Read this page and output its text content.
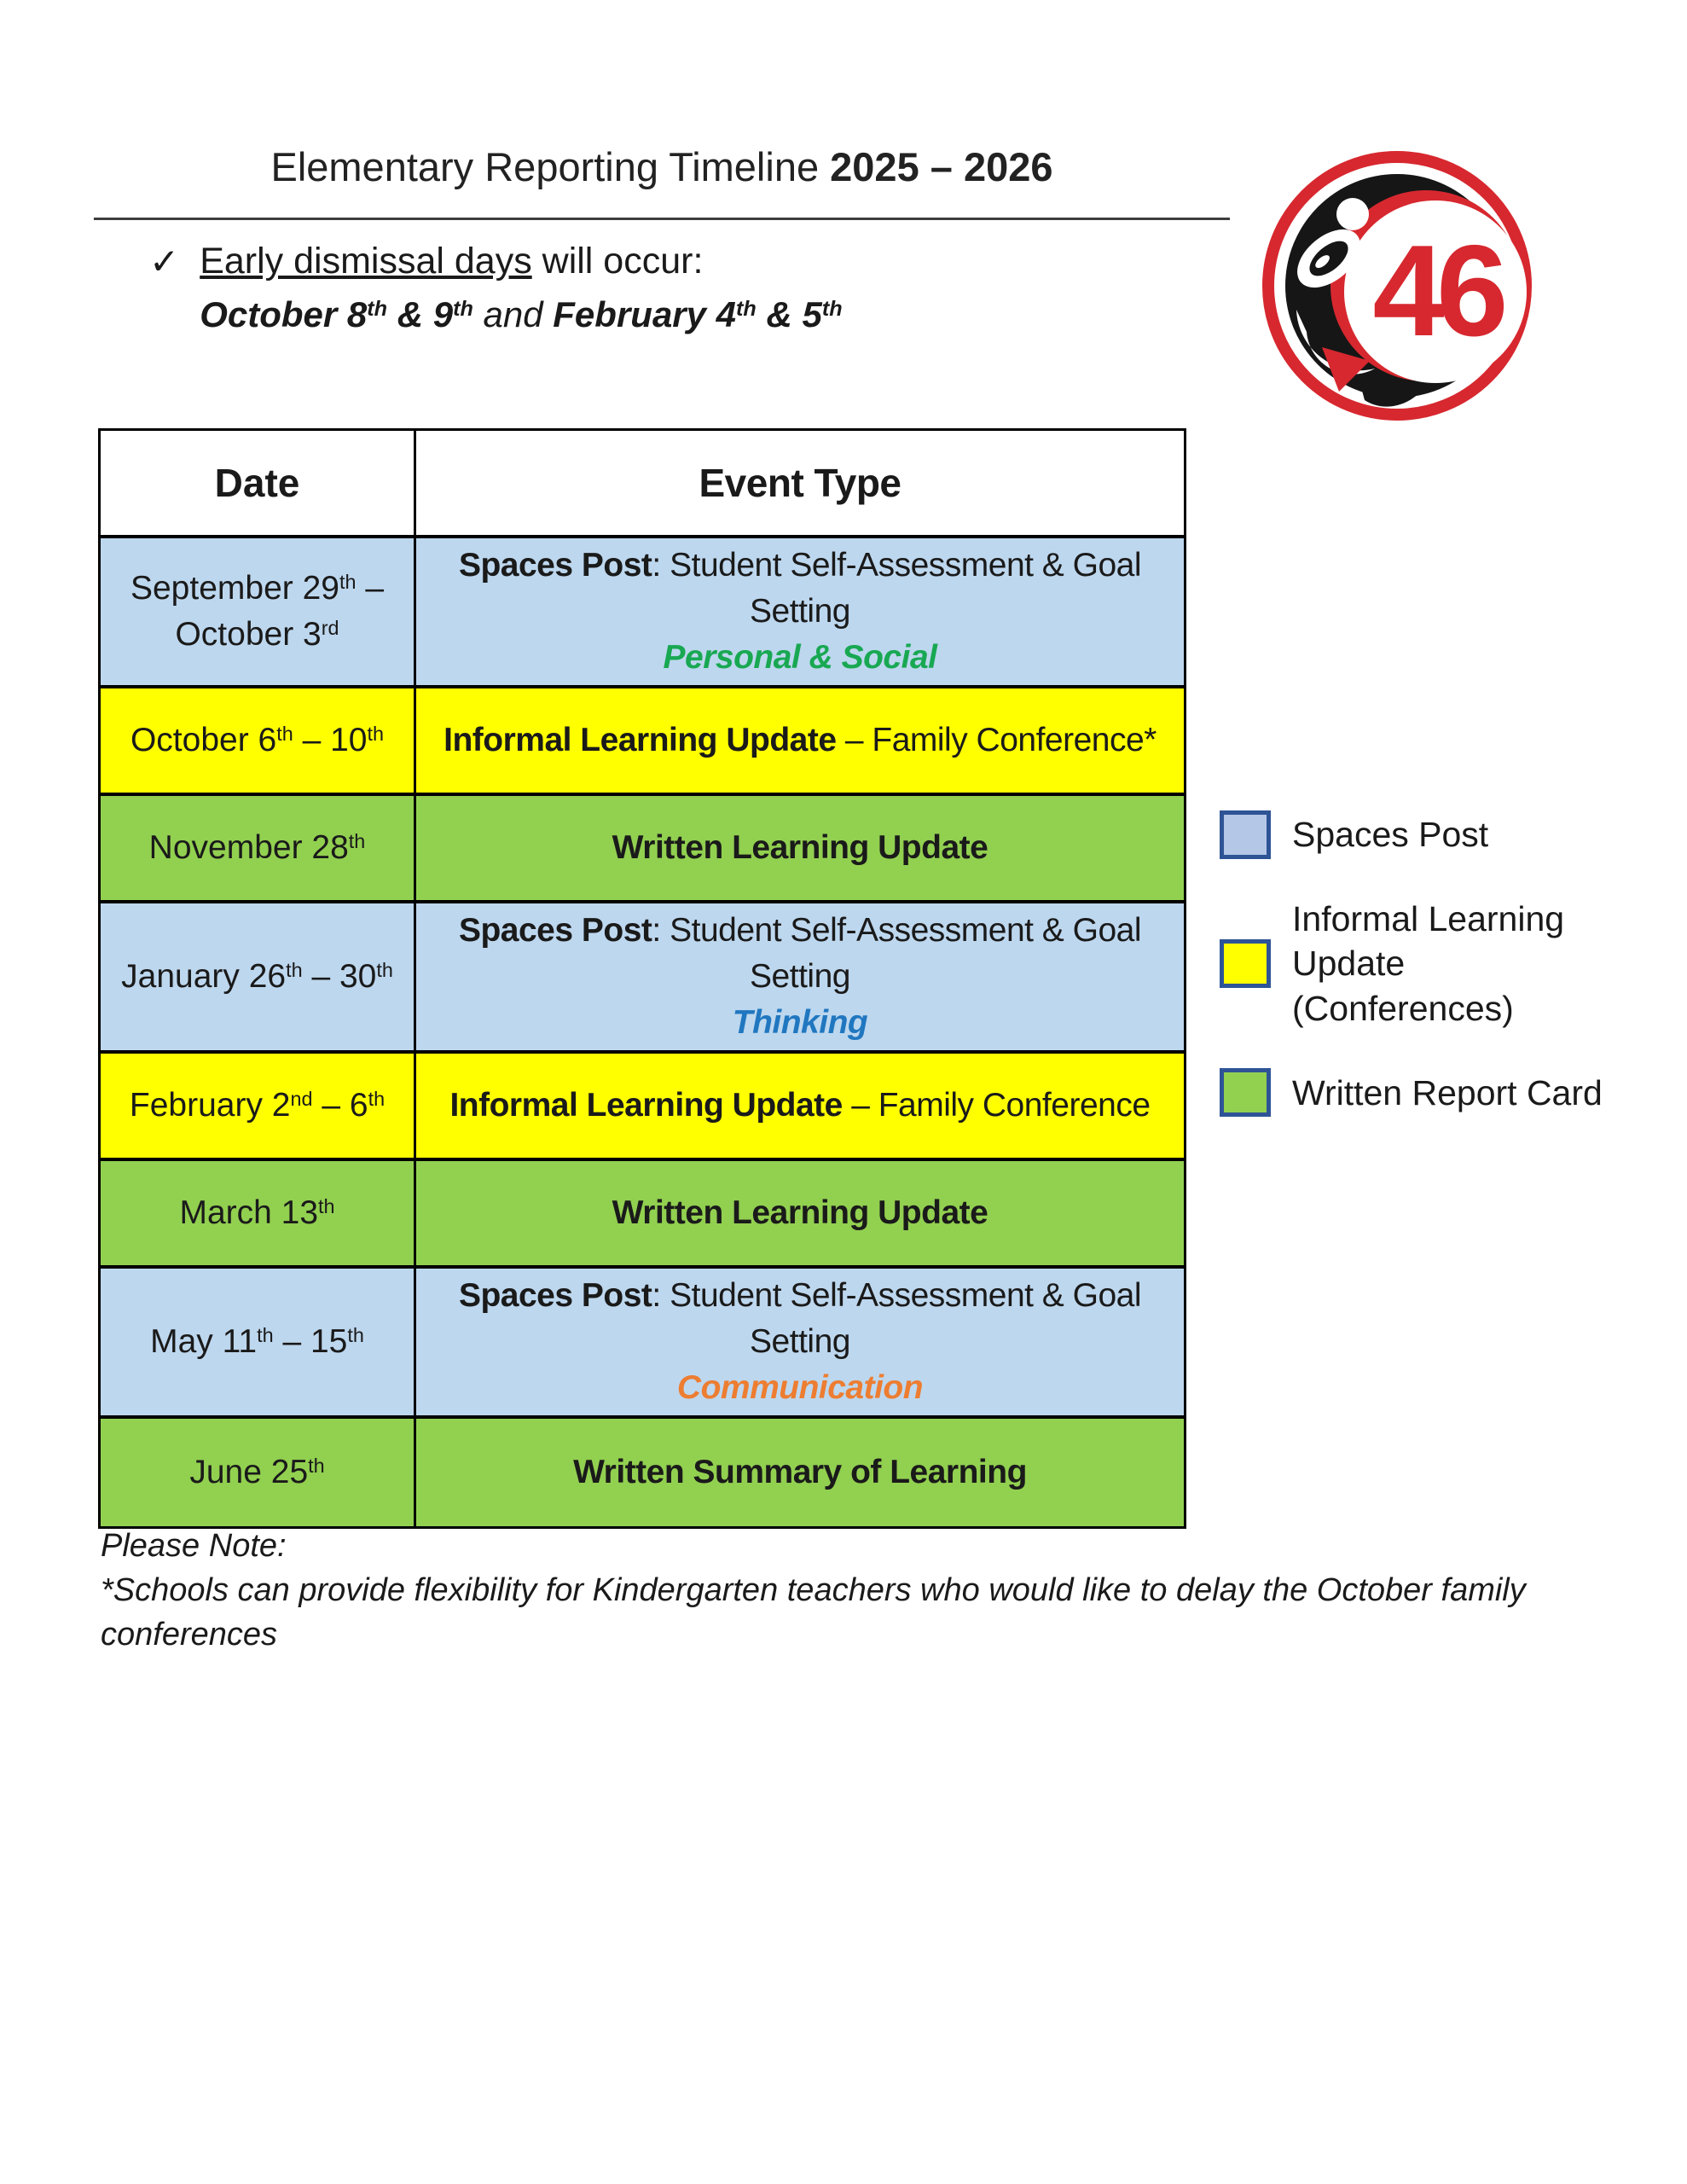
Elementary Reporting Timeline 2025 – 2026
✓ Early dismissal days will occur:
October 8th & 9th and February 4th & 5th	46
Date	Event Type
September 29th –
October 3rd
Spaces Post: Student Self-Assessment & Goal Setting
Personal & Social
October 6th – 10th Informal Learning Update – Family Conference*
November 28th	Written Learning Update
January 26th – 30th
Spaces Post: Student Self-Assessment & Goal Setting
Thinking
February 2nd – 6th Informal Learning Update – Family Conference
March 13th	Written Learning Update
May 11th – 15th
Spaces Post: Student Self-Assessment & Goal Setting
Communication
June 25th	Written Summary of Learning
Spaces Post
Informal Learning Update (Conferences)
Written Report Card
Please Note:
*Schools can provide flexibility for Kindergarten teachers who would like to delay the October family conferences
